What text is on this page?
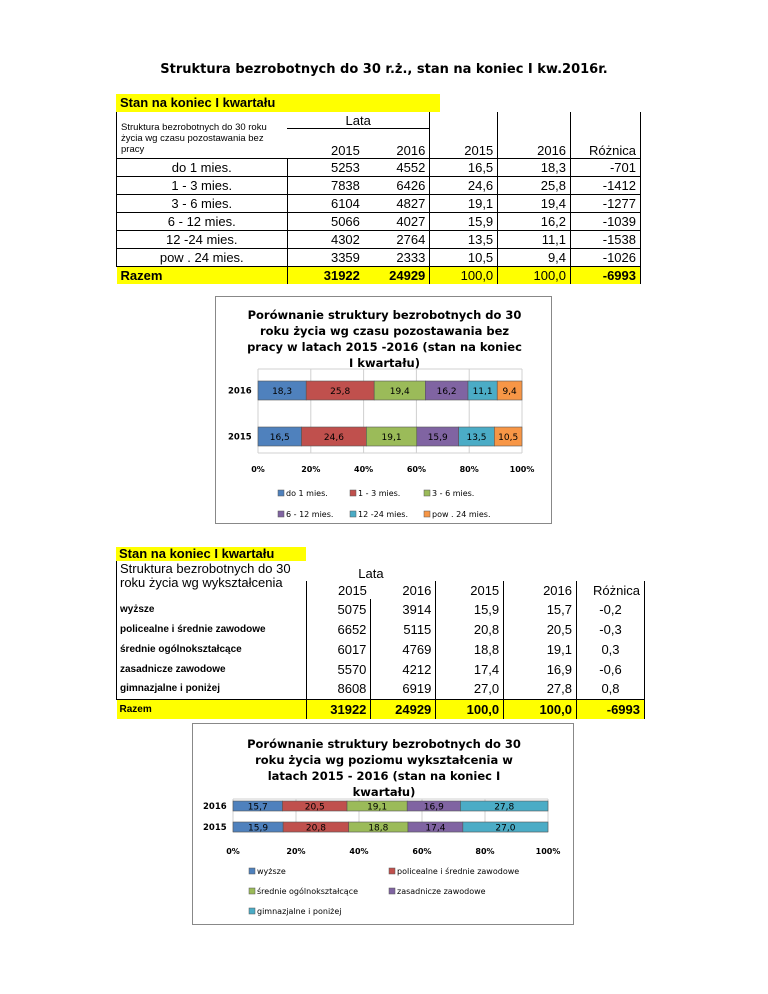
Struktura bezrobotnych do 30 r.ż., stan na koniec I kw.2016r.
Stan na koniec I kwartału
Struktura bezrobotnych do 30 roku życia wg czasu pozostawania bez pracy	Lata				
	2015	2016	2015	2016	Różnica
do 1 mies.	5253	4552	16,5	18,3	-701
1 - 3 mies.	7838	6426	24,6	25,8	-1412
3 - 6 mies.	6104	4827	19,1	19,4	-1277
6 - 12 mies.	5066	4027	15,9	16,2	-1039
12 -24 mies.	4302	2764	13,5	11,1	-1538
pow . 24 mies.	3359	2333	10,5	9,4	-1026
Razem	31922	24929	100,0	100,0	-6993
Porównanie struktury bezrobotnych do 30 roku życia wg czasu pozostawania bez pracy w latach 2015 -2016 (stan na koniec I kwartału)
0%	20%	40%	60%	80%	100%
2016 18,3	25,8	19,4	16,2 11,1 9,4
2015 16,5	24,6	19,1	15,9 13,5 10,5
do 1 mies.	1 - 3 mies.	3 - 6 mies.
6 - 12 mies.	12 -24 mies.	pow . 24 mies.
Stan na koniec I kwartału
Struktura bezrobotnych do 30 roku życia wg wykształcenia	Lata				
	2015	2016	2015	2016	Różnica
wyższe	5075	3914	15,9	15,7	-0,2
policealne i średnie zawodowe	6652	5115	20,8	20,5	-0,3
średnie ogólnokształcące	6017	4769	18,8	19,1	0,3
zasadnicze zawodowe	5570	4212	17,4	16,9	-0,6
gimnazjalne i poniżej	8608	6919	27,0	27,8	0,8
Razem	31922	24929	100,0	100,0	-6993
Porównanie struktury bezrobotnych do 30 roku życia wg poziomu wykształcenia w latach 2015 - 2016 (stan na koniec I kwartału)
0%	20%	40%	60%	80%	100%
2016 15,7	20,5	19,1	16,9	27,8
2015 15,9	20,8	18,8	17,4	27,0
wyższe	policealne i średnie zawodowe
średnie ogólnokształcące	zasadnicze zawodowe
gimnazjalne i poniżej
